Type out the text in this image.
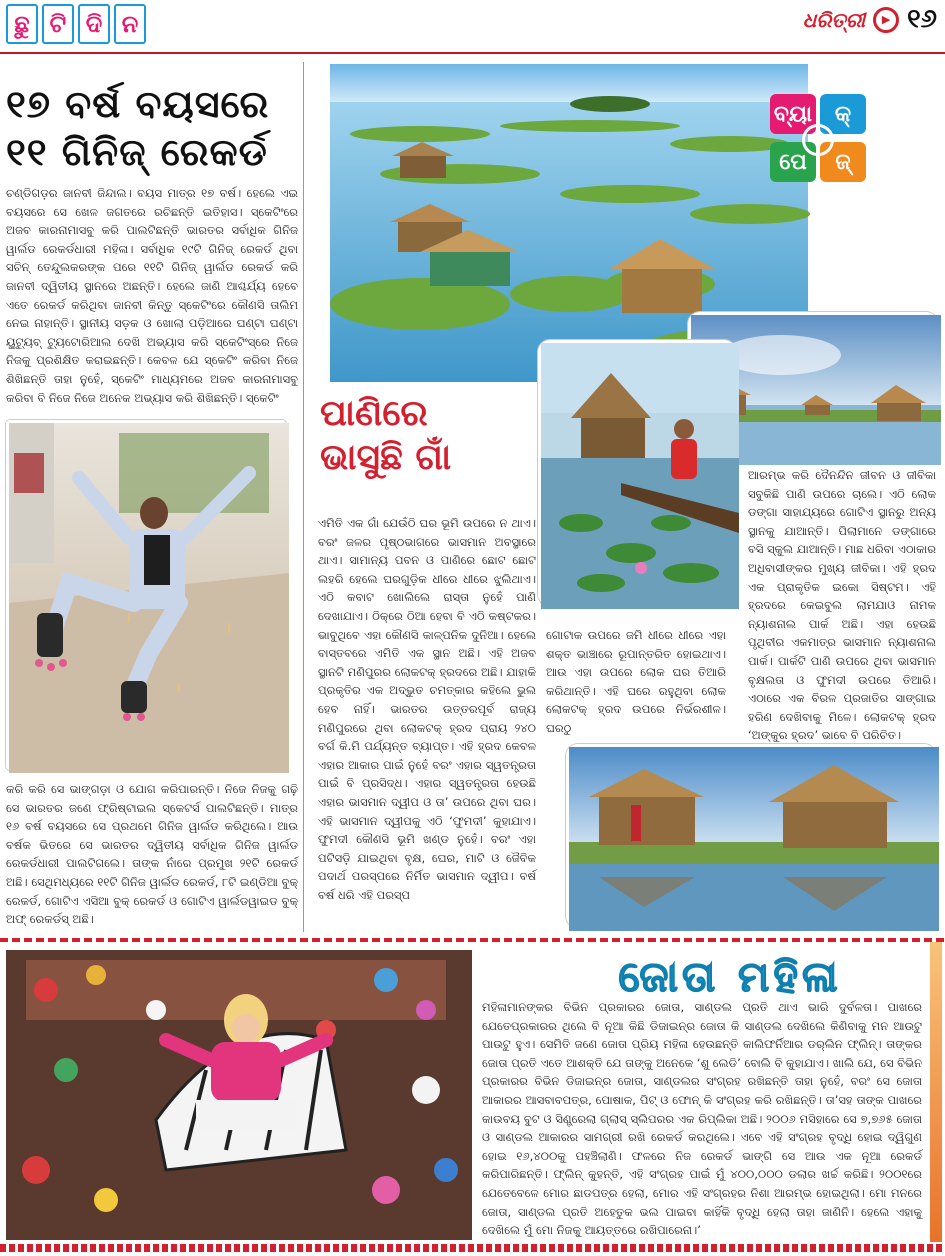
ଛୁ ଟି ଦି ନ	ଧରିତ୍ରୀ	▶ ୧୬
୧୭ ବର୍ଷ ବୟସରେ
୧୧ ଗିନିଜ୍ ରେକର୍ଡ
ଚଣ୍ଡିଗଡ଼ର ଜାନବୀ ଜିନ୍ଦାଲ। ବୟସ ମାତ୍ର ୧୭ ବର୍ଷ। ହେଲେ ଏଇ ବୟସରେ ସେ ଖେଳ ଜଗତରେ ରଚିଛନ୍ତି ଇତିହାସ। ସ୍କେଟିଂରେ ଅଜବ କାରନାମାସବୁ କରି ପାଲଟିଛନ୍ତି ଭାରତର ସର୍ବାଧିକ ଗିନିଜ ୱାର୍ଲଡ ରେକର୍ଡଧାରୀ ମହିଳା। ସର୍ବାଧିକ ୧୯ଟି ଗିନିଜ୍ ରେକର୍ଡ ଥିବା ସଚିନ୍ ତେନ୍ଦୁଲକରଙ୍କ ପରେ ୧୧ଟି ଗିନିଜ୍ ୱାର୍ଲଡ ରେକର୍ଡ କରି ଜାନବୀ ଦ୍ୱିତୀୟ ସ୍ଥାନରେ ଅଛନ୍ତି। ହେଲେ ଜାଣି ଆଶ୍ଚର୍ଯ୍ୟ ହେବେ ଏତେ ରେକର୍ଡ କରିଥିବା ଜାନବୀ କିନ୍ତୁ ସ୍କେଟିଂରେ କୌଣସି ତାଲିମ ନେଇ ନାହାନ୍ତି। ସ୍ଥାନୀୟ ସଡ଼କ ଓ ଖୋଲା ପଡ଼ିଆରେ ଘଣ୍ଟା ଘଣ୍ଟା ୟୁଟ୍ୟୁବ୍ ଟ୍ୟୁଟୋରିଆଲ ଦେଖି ଅଭ୍ୟାସ କରି ସ୍କେଟିଂସ୍ରେ ନିଜେ ନିଜକୁ ପ୍ରଶିକ୍ଷିତ କରାଇଛନ୍ତି। କେବଳ ଯେ ସ୍କେଟିଂ କରିବା ନିଜେ ଶିଖିଛନ୍ତି ତାହା ନୁହେଁ, ସ୍କେଟିଂ ମାଧ୍ୟମରେ ଅଜବ କାରନାମାସବୁ କରିବା ବି ନିଜେ ନିଜେ ଅନେକ ଅଭ୍ୟାସ କରି ଶିଖିଛନ୍ତି। ସ୍କେଟିଂ
କରି କରି ସେ ଭାଙ୍ଗଡ଼ା ଓ ଯୋଗ କରିପାରନ୍ତି। ନିଜେ ନିଜକୁ ଗଢ଼ି ସେ ଭାରତର ଜଣେ ଫ୍ରିଷ୍ଟାଇଲ ସ୍କେଟର୍ସ ପାଲଟିଛନ୍ତି। ମାତ୍ର ୧୬ ବର୍ଷ ବୟସରେ ସେ ପ୍ରଥମେ ଗିନିଜ ୱାର୍ଲଡ କରିଥିଲେ। ଆଉ ବର୍ଷକ ଭିତରେ ସେ ଭାରତର ଦ୍ୱିତୀୟ ସର୍ବାଧିକ ଗିନିଜ ୱାର୍ଲଡ ରେକର୍ଡଧାରୀ ପାଲଟିଗଲେ। ତାଙ୍କ ନାଁରେ ପ୍ରମୁଖ ୨୧ଟି ରେକର୍ଡ ଅଛି। ସେଥିମଧ୍ୟରେ ୧୧ଟି ଗିନିଜ ୱାର୍ଲଡ ରେକର୍ଡ, ୮ଟି ଇଣ୍ଡିଆ ବୁକ୍ ରେକର୍ଡ, ଗୋଟିଏ ଏସିଆ ବୁକ୍ ରେକର୍ଡ ଓ ଗୋଟିଏ ୱାର୍ଲଡୱାଇଡ ବୁକ୍ ଅଫ୍ ରେକର୍ଡସ୍ ଅଛି।
ବ୍ୟା	କ୍
ପେ	ଜ୍
ପାଣିରେ
ଭାସୁଛି ଗାଁ
ଏମିତି ଏକ ଗାଁ ଯେଉଁଠି ଘର ଭୂମି ଉପରେ ନ ଥାଏ। ବରଂ ଜଳର ପୃଷ୍ଠଭାଗରେ ଭାସମାନ ଅବସ୍ଥାରେ ଥାଏ। ସାମାନ୍ୟ ପବନ ଓ ପାଣିରେ ଛୋଟ ଛୋଟ ଲହରି ହେଲେ ଘରଗୁଡ଼ିକ ଧୀରେ ଧୀରେ ଝୁଲିଥାଏ। ଏଠି କବାଟ ଖୋଲିଲେ ରାସ୍ତା ନୁହେଁ ପାଣି ଦେଖାଯାଏ। ଠିକ୍‌ରେ ଠିଆ ହେବା ବି ଏଠି କଷ୍ଟକର। ଭାବୁଥିବେ ଏହା କୌଣସି କାଳ୍ପନିକ ଦୁନିଆ। ହେଲେ ବାସ୍ତବରେ ଏମିତି ଏକ ସ୍ଥାନ ଅଛି। ଏହି ଅଜବ ସ୍ଥାନଟି ମଣିପୁରର ଲୋକଟକ୍ ହ୍ରଦରେ ଅଛି। ଯାହାକି ପ୍ରକୃତିର ଏକ ଅଦ୍ଭୁତ ଚମତ୍କାର କହିଲେ ଭୁଲ ହେବ ନାହିଁ। ଭାରତର ଉତ୍ତରପୂର୍ବ ରାଜ୍ୟ ମଣିପୁରରେ ଥିବା ଲୋକଟକ୍ ହ୍ରଦ ପ୍ରାୟ ୨୪୦ ବର୍ଗ କି.ମି ପର୍ଯ୍ୟନ୍ତ ବ୍ୟାପ୍ତ। ଏହି ହ୍ରଦ କେବଳ ଏହାର ଆକାର ପାଇଁ ନୁହେଁ ବରଂ ଏହାର ସ୍ୱତନ୍ତ୍ରତା ପାଇଁ ବି ପ୍ରସିଦ୍ଧ। ଏହାର ସ୍ୱତନ୍ତ୍ରତା ହେଉଛି ଏହାର ଭାସମାନ ଦ୍ୱୀପ ଓ ତା’ ଉପରେ ଥିବା ଘର। ଏହି ଭାସମାନ ଦ୍ୱୀପକୁ ଏଠି ‘ଫୁମଦୀ’ କୁହାଯାଏ। ଫୁମଦୀ କୌଣସି ଭୂମି ଖଣ୍ଡ ନୁହେଁ। ବରଂ ଏହା ପଟିସଡ଼ି ଯାଇଥିବା ବୃକ୍ଷ, ଘେର, ମାଟି ଓ ଜୈବିକ ପଦାର୍ଥ ପରସ୍ପରେ ନିର୍ମିତ ଭାସମାନ ଦ୍ୱୀପ। ବର୍ଷ ବର୍ଷ ଧରି ଏହି ପରସ୍ପ
ଗୋଟାକ ଉପରେ ଜମି ଧୀରେ ଧୀରେ ଏହା ଶକ୍ତ ଭାଞ୍ଚାରେ ରୂପାନ୍ତରିତ ହୋଇଥାଏ। ଆଉ ଏହା ଉପରେ ଲୋକ ଘର ତିଆରି କରିଥାନ୍ତି। ଏହି ଘରେ ରହୁଥିବା ଲୋକ ଲୋକଟକ୍ ହ୍ରଦ ଉପରେ ନିର୍ଭରଶୀଳ। ଘରଠୁ
ଆରମ୍ଭ କରି ଦୈନନ୍ଦିନ ଜୀବନ ଓ ଜୀବିକା ସବୁକିଛି ପାଣି ଉପରେ ଚାଲେ। ଏଠି ଲୋକ ଡଙ୍ଗା ସାହାଯ୍ୟରେ ଗୋଟିଏ ସ୍ଥାନରୁ ଅନ୍ୟ ସ୍ଥାନକୁ ଯାଆନ୍ତି। ପିଲାମାନେ ଡଙ୍ଗାରେ ବସି ସ୍କୁଲ ଯାଆନ୍ତି। ମାଛ ଧରିବା ଏଠାକାର ଅଧିବାସୀଙ୍କର ମୁଖ୍ୟ ଜୀବିକା। ଏହି ହ୍ରଦ ଏକ ପ୍ରାକୃତିକ ଇକୋ ସିଷ୍ଟମ। ଏହି ହ୍ରଦରେ କେଇବୁଲ ଲାମଯାଓ ନାମକ ନ୍ୟାଶନାଲ ପାର୍କ ଅଛି। ଏହା ହେଉଛି ପୃଥିବୀର ଏକମାତ୍ର ଭାସମାନ ନ୍ୟାଶନାଲ ପାର୍କ। ପାର୍କଟି ପାଣି ଉପରେ ଥିବା ଭାସମାନ ବୃକ୍ଷଲତା ଓ ଫୁମଦୀ ଉପରେ ତିଆରି। ଏଠାରେ ଏକ ବିରଳ ପ୍ରଜାତିର ସାଙ୍ଗାଇ ହରିଣ ଦେଖିବାକୁ ମିଳେ। ଲୋକଟକ୍ ହ୍ରଦ ‘ଅଙ୍କୁର ହ୍ରଦ’ ଭାବେ ବି ପରିଚିତ।
ଜୋତା ମହିଳା
ମହିଳାମାନଙ୍କର ବିଭିନ ପ୍ରକାରର ଜୋତା, ସାଣ୍ଡଲ ପ୍ରତି ଥାଏ ଭାରି ଦୁର୍ବଳତା। ପାଖରେ ଯେତେପ୍ରକାରର ଥିଲେ ବି ନୂଆ କିଛି ଡିଜାଇନ୍‌ର ଜୋତା କି ସାଣ୍ଡଲ ଦେଖିଲେ କିଣିବାକୁ ମନ ଆଉଟୁ ପାଉଟୁ ହୁଏ। ସେମିତି ଜଣେ ଜୋତା ପ୍ରିୟ ମହିଳା ହେଉଛନ୍ତି କାଲିଫର୍ନିଆର ଡର୍‌ଲିନ ଫ୍ଲିନ୍। ତାଙ୍କର ଜୋତା ପ୍ରତି ଏତେ ଆଶକ୍ତି ଯେ ତାଙ୍କୁ ଅନେକେ ‘ଶୁ ଲେଡି’ ବୋଲି ବି କୁହାଯାଏ। ଖାଲି ଯେ, ସେ ବିଭିନ ପ୍ରକାରର ବିଭିନ ଡିଜାଇନ୍‌ର ଜୋତା, ସାଣ୍ଡଲର ସଂଗ୍ରହ ରଖିଛନ୍ତି ତାହା ନୁହେଁ, ବରଂ ସେ ଜୋତା ଆକାରର ଆସବାବପତ୍ର, ପୋଷାକ, ପିଟ୍ ଓ ଫୋନ୍ କି ସଂଗ୍ରହ କରି ରଖିଛନ୍ତି। ତା’ସହ ତାଙ୍କ ପାଖରେ କାଉବୟ ବୁଟ ଓ ସିଣ୍ଡ୍ରେଲା ଗ୍ଲାସ୍ ସ୍ଲିପରର ଏକ ରିପ୍ଲିକା ଅଛି। ୨୦୦୬ ମସିହାରେ ସେ ୭,୭୬୫ ଜୋତା ଓ ସାଣ୍ଡଲ ଆକାରର ସାମଗ୍ରୀ ରଖି ରେକର୍ଡ କରଥିଲେ। ଏବେ ଏହି ସଂଗ୍ରହ ବୃଦ୍ଧି ହୋଇ ଦ୍ୱିଗୁଣ ହୋଇ ୧୬,୪୦୦କୁ ପହଞ୍ଚିଲାଣି। ଫଳରେ ନିଜ ରେକର୍ଡ ଭାଙ୍ଗି ସେ ଆଉ ଏକ ନୂଆ ରେକର୍ଡ କରିପାରିଛନ୍ତି। ଫ୍ଲିନ୍ କୁହନ୍ତି, ଏହି ସଂଗ୍ରହ ପାଇଁ ମୁଁ ୪୦୦,୦୦୦ ଡଲାର ଖର୍ଚ୍ଚ କରିଛି। ୨୦୦୧ରେ ଯେତେବେଳେ ମୋର ଛାଡପତ୍ର ହେଲା, ମୋର ଏହି ସଂଗ୍ରହର ନିଶା ଆରମ୍ଭ ହୋଇଥିଲା। ମୋ ମନରେ ଜୋତା, ସାଣ୍ଡଲ ପ୍ରତି ଅହେତୁକ ଭଲ ପାଇବା କାହିଁକି ବୃଦ୍ଧି ହେଲା ତାହା ଜାଣିନି। ହେଲେ ଏହାକୁ ଦେଖିଲେ ମୁଁ ମୋ ନିଜକୁ ଆୟତ୍ତରେ ରଖିପାରେନା।’
